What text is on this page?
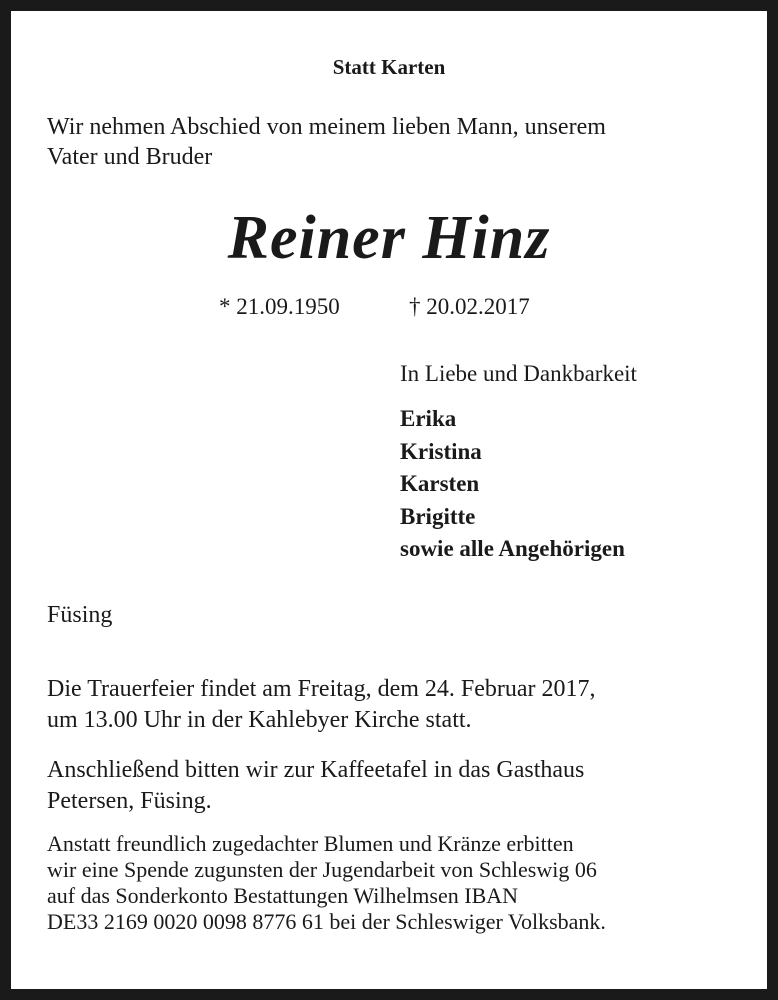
Statt Karten
Wir nehmen Abschied von meinem lieben Mann, unserem
Vater und Bruder
Reiner Hinz
* 21.09.1950	† 20.02.2017
In Liebe und Dankbarkeit
Erika
Kristina
Karsten
Brigitte
sowie alle Angehörigen
Füsing
Die Trauerfeier findet am Freitag, dem 24. Februar 2017,
um 13.00 Uhr in der Kahlebyer Kirche statt.
Anschließend bitten wir zur Kaffeetafel in das Gasthaus
Petersen, Füsing.
Anstatt freundlich zugedachter Blumen und Kränze erbitten
wir eine Spende zugunsten der Jugendarbeit von Schleswig 06
auf das Sonderkonto Bestattungen Wilhelmsen IBAN
DE33 2169 0020 0098 8776 61 bei der Schleswiger Volksbank.
